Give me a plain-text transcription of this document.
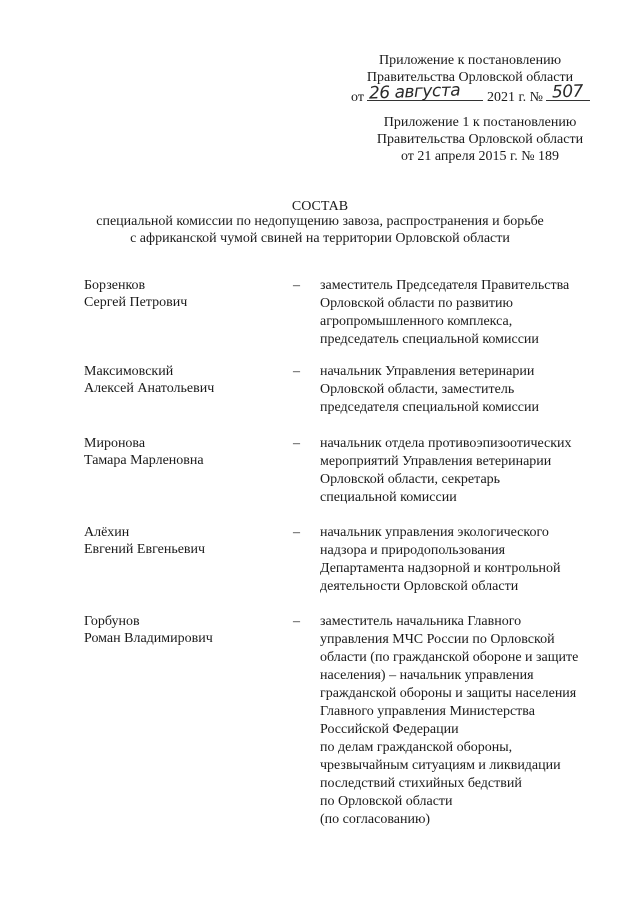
Приложение к постановлению
Правительства Орловской области
от 26 августа 2021 г. № 507
Приложение 1 к постановлению
Правительства Орловской области
от 21 апреля 2015 г. № 189
СОСТАВ
специальной комиссии по недопущению завоза, распространения и борьбе
с африканской чумой свиней на территории Орловской области
Борзенков
Сергей Петрович
– заместитель Председателя Правительства
Орловской области по развитию
агропромышленного комплекса,
председатель специальной комиссии
Максимовский
Алексей Анатольевич
– начальник Управления ветеринарии
Орловской области, заместитель
председателя специальной комиссии
Миронова
Тамара Марленовна
– начальник отдела противоэпизоотических
мероприятий Управления ветеринарии
Орловской области, секретарь
специальной комиссии
Алёхин
Евгений Евгеньевич
– начальник управления экологического
надзора и природопользования
Департамента надзорной и контрольной
деятельности Орловской области
Горбунов
Роман Владимирович
– заместитель начальника Главного
управления МЧС России по Орловской
области (по гражданской обороне и защите
населения) – начальник управления
гражданской обороны и защиты населения
Главного управления Министерства
Российской Федерации
по делам гражданской обороны,
чрезвычайным ситуациям и ликвидации
последствий стихийных бедствий
по Орловской области
(по согласованию)
